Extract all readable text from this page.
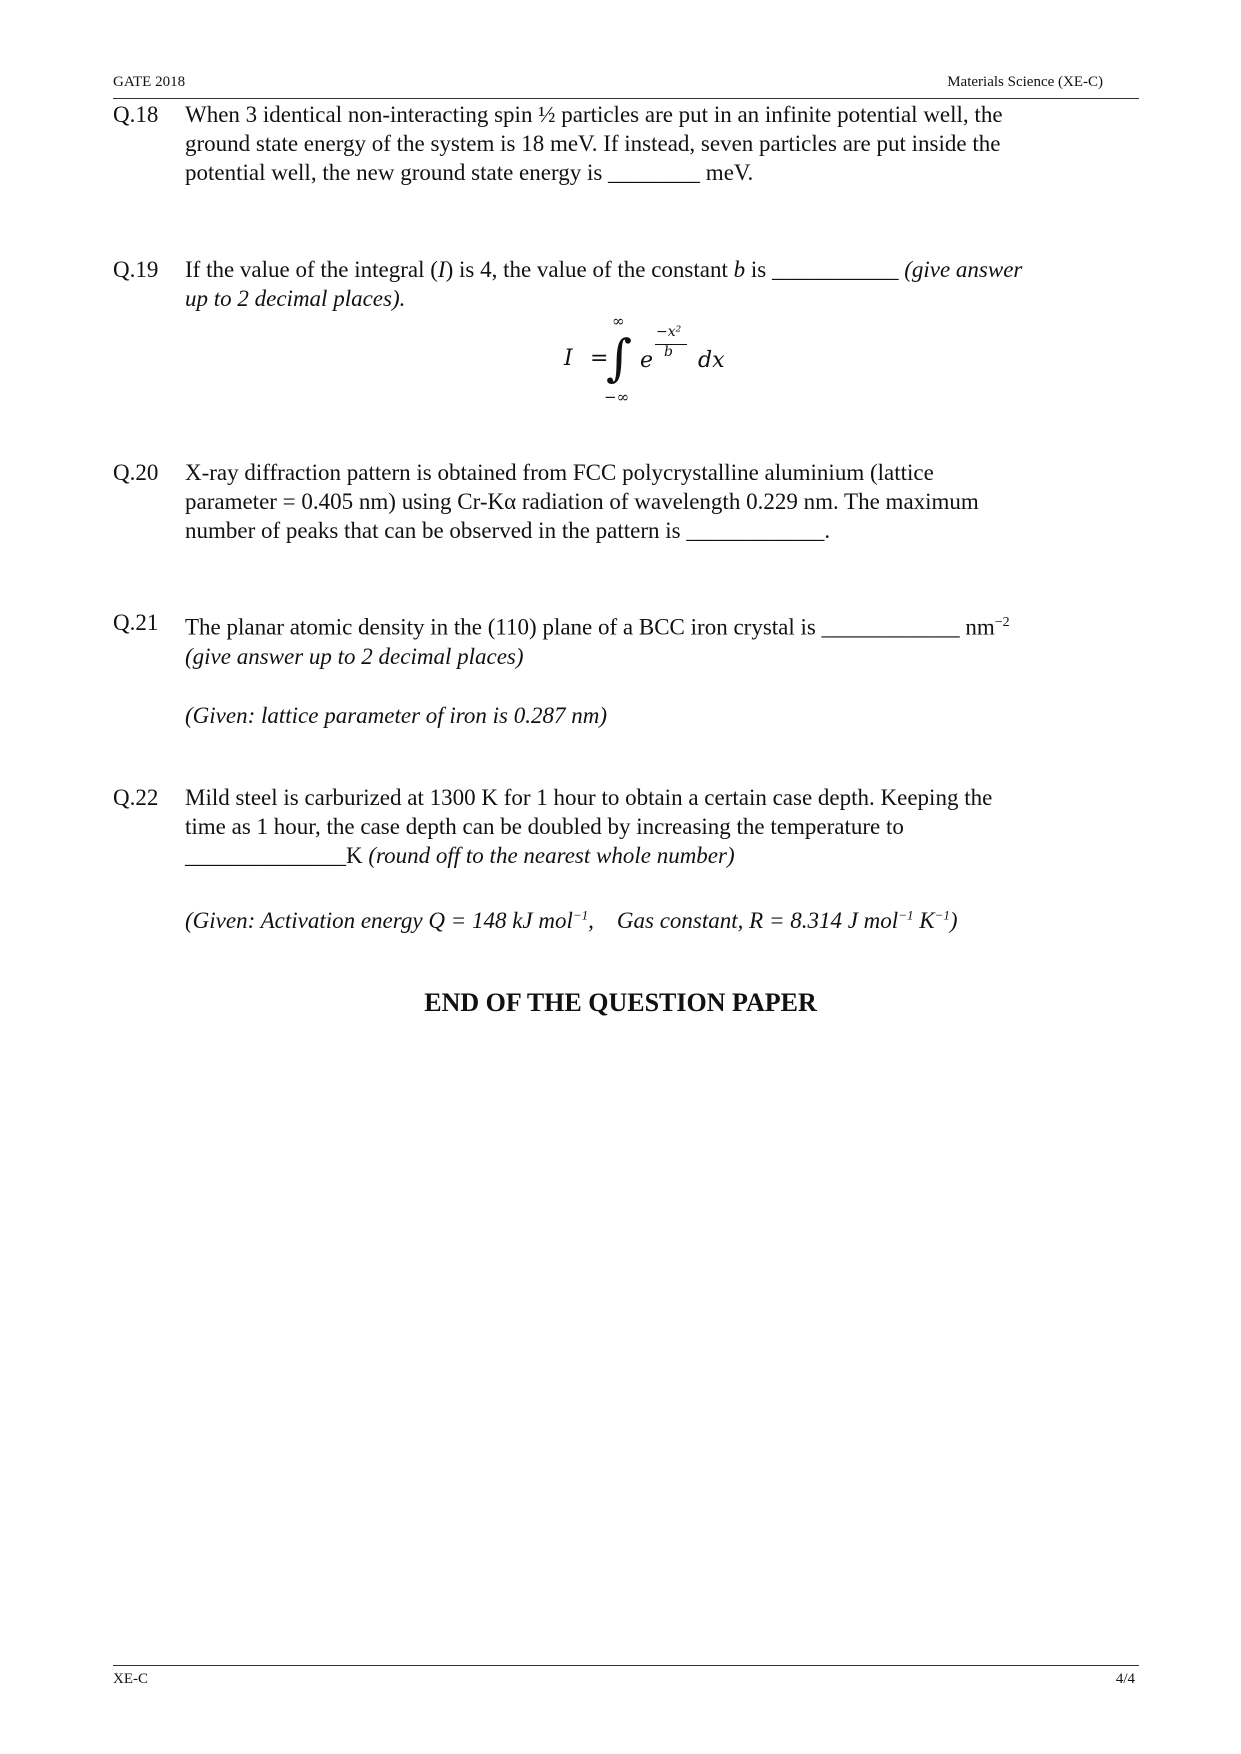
GATE 2018	Materials Science (XE-C)
Q.18 When 3 identical non-interacting spin ½ particles are put in an infinite potential well, the

ground state energy of the system is 18 meV. If instead, seven particles are put inside the

potential well, the new ground state energy is ________ meV.

Q.19 If the value of the integral (I) is 4, the value of the constant b is ___________ (give answer

up to 2 decimal places).

I =
∞
∫
−∞
e
−x²
b dx
Q.20 X-ray diffraction pattern is obtained from FCC polycrystalline aluminium (lattice

parameter = 0.405 nm) using Cr-Kα radiation of wavelength 0.229 nm. The maximum

number of peaks that can be observed in the pattern is ____________.

Q.21 The planar atomic density in the (110) plane of a BCC iron crystal is ____________ $nm^{-2}$

(give answer up to 2 decimal places)

(Given: lattice parameter of iron is 0.287 nm)

Q.22 Mild steel is carburized at 1300 K for 1 hour to obtain a certain case depth. Keeping the

time as 1 hour, the case depth can be doubled by increasing the temperature to

______________K (round off to the nearest whole number)

(Given: Activation energy Q = 148 kJ mol$^{-1}$,    Gas constant, R = 8.314 J mol$^{-1}$ $K^{-1}$)

END OF THE QUESTION PAPER
XE-C	4/4
